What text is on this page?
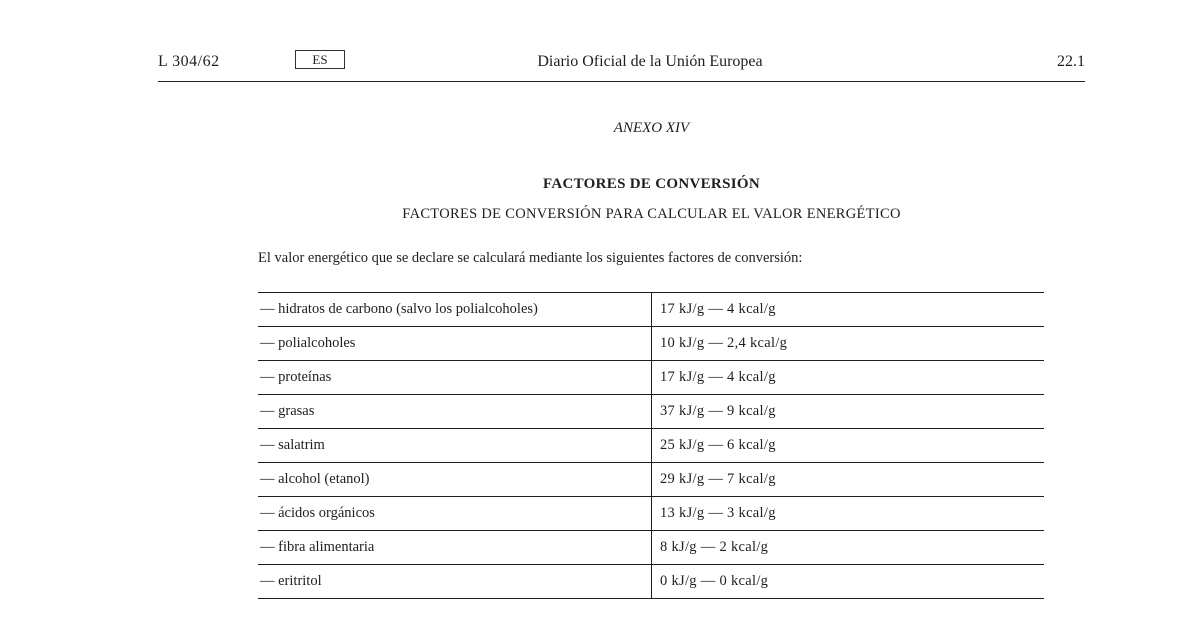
L 304/62	ES	Diario Oficial de la Unión Europea	22.1
ANEXO XIV
FACTORES DE CONVERSIÓN
FACTORES DE CONVERSIÓN PARA CALCULAR EL VALOR ENERGÉTICO
El valor energético que se declare se calculará mediante los siguientes factores de conversión:
— hidratos de carbono (salvo los polialcoholes)	17 kJ/g — 4 kcal/g
— polialcoholes	10 kJ/g — 2,4 kcal/g
— proteínas	17 kJ/g — 4 kcal/g
— grasas	37 kJ/g — 9 kcal/g
— salatrim	25 kJ/g — 6 kcal/g
— alcohol (etanol)	29 kJ/g — 7 kcal/g
— ácidos orgánicos	13 kJ/g — 3 kcal/g
— fibra alimentaria	8 kJ/g — 2 kcal/g
— eritritol	0 kJ/g — 0 kcal/g
